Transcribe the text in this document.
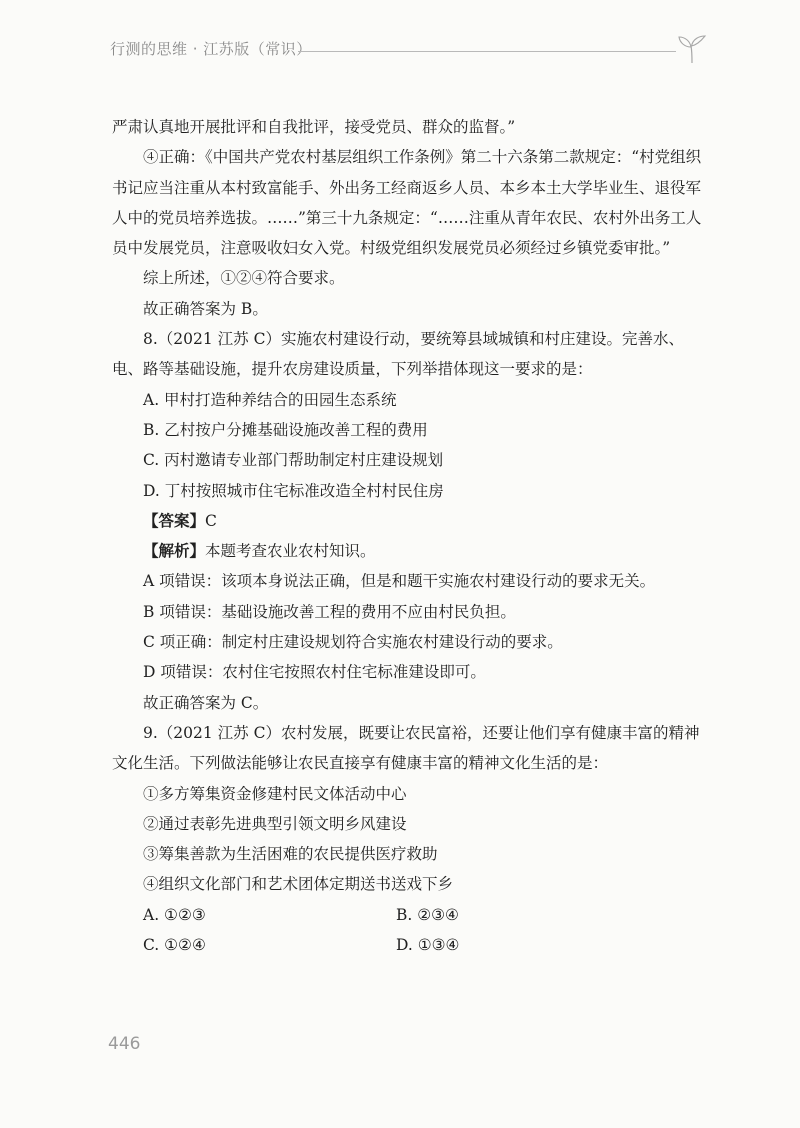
行测的思维 · 江苏版（常识）

严肃认真地开展批评和自我批评，接受党员、群众的监督。”

④正确：《中国共产党农村基层组织工作条例》第二十六条第二款规定：“村党组织书记应当注重从本村致富能手、外出务工经商返乡人员、本乡本土大学毕业生、退役军人中的党员培养选拔。……”第三十九条规定：“……注重从青年农民、农村外出务工人员中发展党员，注意吸收妇女入党。村级党组织发展党员必须经过乡镇党委审批。”

综上所述，①②④符合要求。

故正确答案为 B。

8.（2021 江苏 C）实施农村建设行动，要统筹县域城镇和村庄建设。完善水、电、路等基础设施，提升农房建设质量，下列举措体现这一要求的是：

A. 甲村打造种养结合的田园生态系统

B. 乙村按户分摊基础设施改善工程的费用

C. 丙村邀请专业部门帮助制定村庄建设规划

D. 丁村按照城市住宅标准改造全村村民住房

【答案】C

【解析】本题考查农业农村知识。

A 项错误：该项本身说法正确，但是和题干实施农村建设行动的要求无关。

B 项错误：基础设施改善工程的费用不应由村民负担。

C 项正确：制定村庄建设规划符合实施农村建设行动的要求。

D 项错误：农村住宅按照农村住宅标准建设即可。

故正确答案为 C。

9.（2021 江苏 C）农村发展，既要让农民富裕，还要让他们享有健康丰富的精神文化生活。下列做法能够让农民直接享有健康丰富的精神文化生活的是：

①多方筹集资金修建村民文体活动中心

②通过表彰先进典型引领文明乡风建设

③筹集善款为生活困难的农民提供医疗救助

④组织文化部门和艺术团体定期送书送戏下乡

A. ①②③	B. ②③④
C. ①②④	D. ①③④
446
